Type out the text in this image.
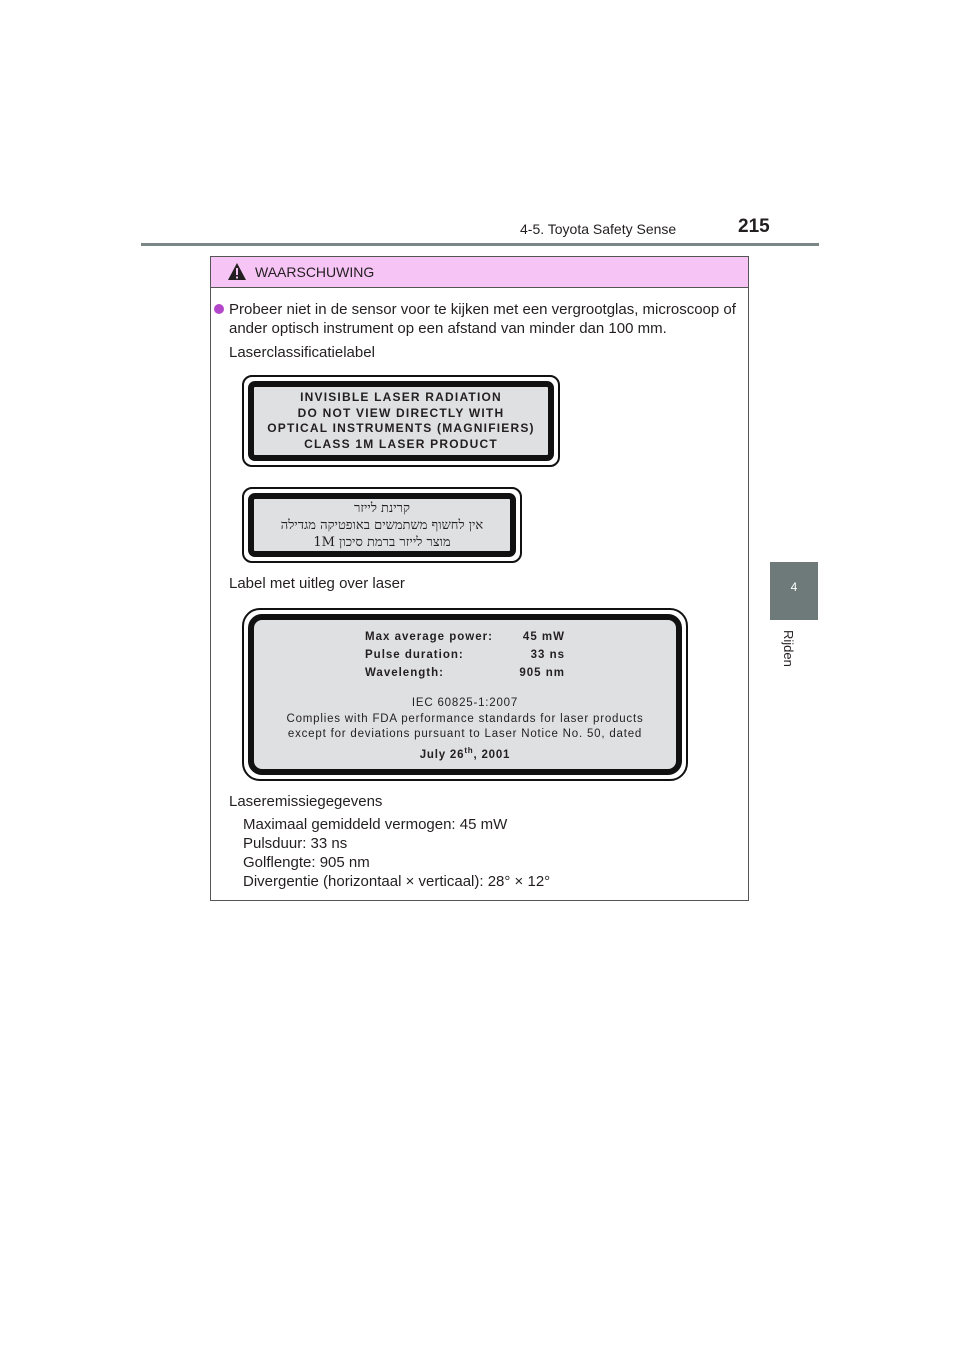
4-5. Toyota Safety Sense	215
4
Rijden
WAARSCHUWING
Probeer niet in de sensor voor te kijken met een vergrootglas, microscoop of ander optisch instrument op een afstand van minder dan 100 mm.
Laserclassificatielabel
INVISIBLE LASER RADIATION
DO NOT VIEW DIRECTLY WITH
OPTICAL INSTRUMENTS (MAGNIFIERS)
CLASS 1M LASER PRODUCT
קרינת לייזר
אין לחשוף משתמשים באופטיקה מגדילה
מוצר לייזר ברמת סיכון 1M
Label met uitleg over laser
Max average power:	45 mW
Pulse duration:	33 ns
Wavelength:	905 nm
IEC 60825-1:2007
Complies with FDA performance standards for laser products
except for deviations pursuant to Laser Notice No. 50, dated
July 26th, 2001
Laseremissiegegevens
Maximaal gemiddeld vermogen: 45 mW
Pulsduur: 33 ns
Golflengte: 905 nm
Divergentie (horizontaal × verticaal): 28° × 12°
